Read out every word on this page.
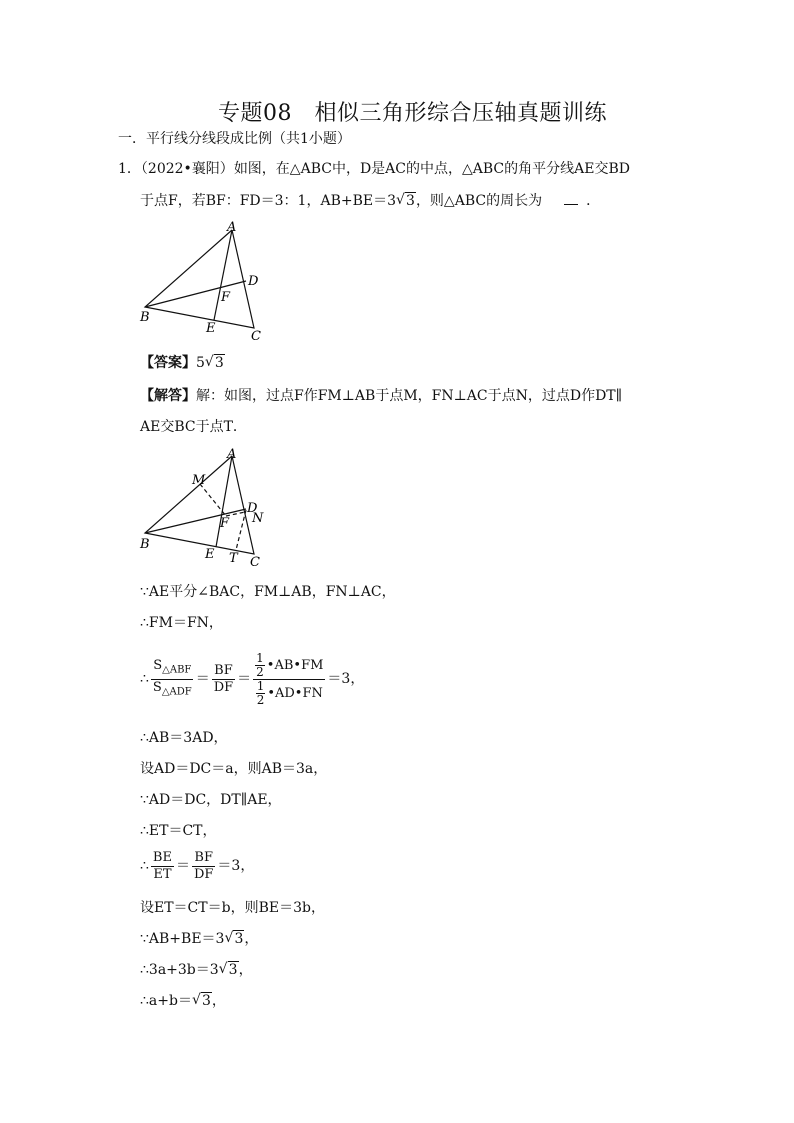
专题08　相似三角形综合压轴真题训练
一．平行线分线段成比例（共1小题）
1．（2022•襄阳）如图，在△ABC中，D是AC的中点，△ABC的角平分线AE交BD
于点F，若BF：FD＝3：1，AB+BE＝3 √ 3，则△ABC的周长为	．
A
B
C
D
E
F
【答案】5 √ 3
【解答】解：如图，过点F作FM⊥AB于点M，FN⊥AC于点N，过点D作DT∥
AE交BC于点T．
A
M
B
C
D
N
E
F
T
∵AE平分∠BAC，FM⊥AB，FN⊥AC，
∴FM＝FN，
∴ $\frac{S_{\triangle ABF}}{S_{\triangle ADF}} = \frac{BF}{DF} = \frac{\frac{1}{2} •AB•FM}{\frac{1}{2} •AD•FN} =3$，
∴AB＝3AD，
设AD＝DC＝a，则AB＝3a，
∵AD＝DC，DT∥AE，
∴ET＝CT，
∴ $\frac{BE}{ET} = \frac{BF}{DF} =3$，
设ET＝CT＝b，则BE＝3b，
∵AB+BE＝3 √ 3，
∴3a+3b＝3 √ 3，
∴a+b＝ √ 3，
